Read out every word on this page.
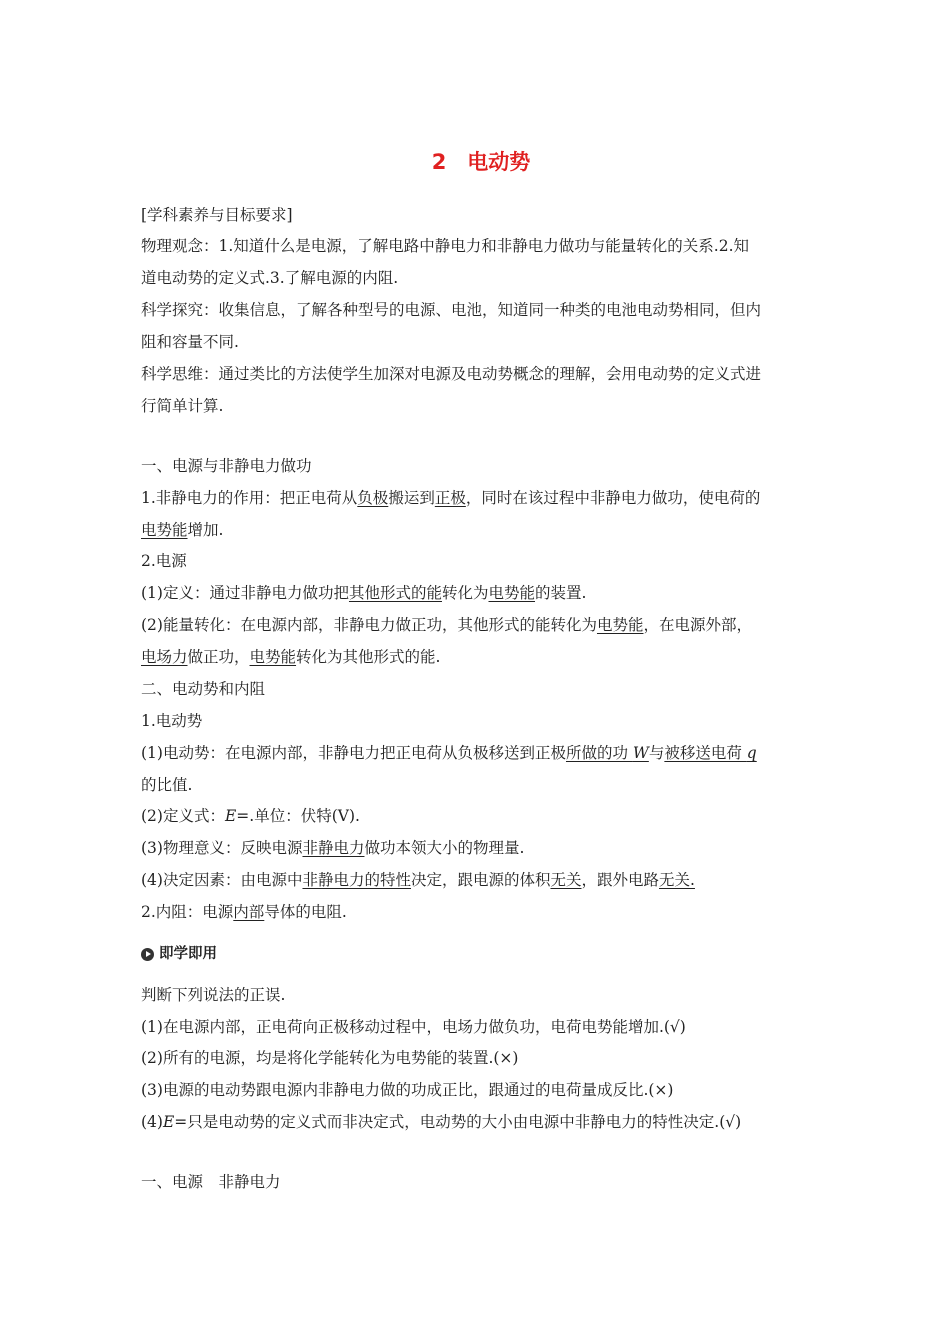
2　电动势
[学科素养与目标要求]
物理观念：1.知道什么是电源，了解电路中静电力和非静电力做功与能量转化的关系.2.知
道电动势的定义式.3.了解电源的内阻.
科学探究：收集信息，了解各种型号的电源、电池，知道同一种类的电池电动势相同，但内
阻和容量不同.
科学思维：通过类比的方法使学生加深对电源及电动势概念的理解，会用电动势的定义式进
行简单计算.
一、电源与非静电力做功
1.非静电力的作用：把正电荷从负极搬运到正极，同时在该过程中非静电力做功，使电荷的
电势能增加.
2.电源
(1)定义：通过非静电力做功把其他形式的能转化为电势能的装置.
(2)能量转化：在电源内部，非静电力做正功，其他形式的能转化为电势能，在电源外部，
电场力做正功，电势能转化为其他形式的能.
二、电动势和内阻
1.电动势
(1)电动势：在电源内部，非静电力把正电荷从负极移送到正极所做的功 W与被移送电荷 q
的比值.
(2)定义式：E=.单位：伏特(V).
(3)物理意义：反映电源非静电力做功本领大小的物理量.
(4)决定因素：由电源中非静电力的特性决定，跟电源的体积无关，跟外电路无关.
2.内阻：电源内部导体的电阻.
即学即用
判断下列说法的正误.
(1)在电源内部，正电荷向正极移动过程中，电场力做负功，电荷电势能增加.(√)
(2)所有的电源，均是将化学能转化为电势能的装置.(×)
(3)电源的电动势跟电源内非静电力做的功成正比，跟通过的电荷量成反比.(×)
(4)E=只是电动势的定义式而非决定式，电动势的大小由电源中非静电力的特性决定.(√)
一、电源　非静电力
